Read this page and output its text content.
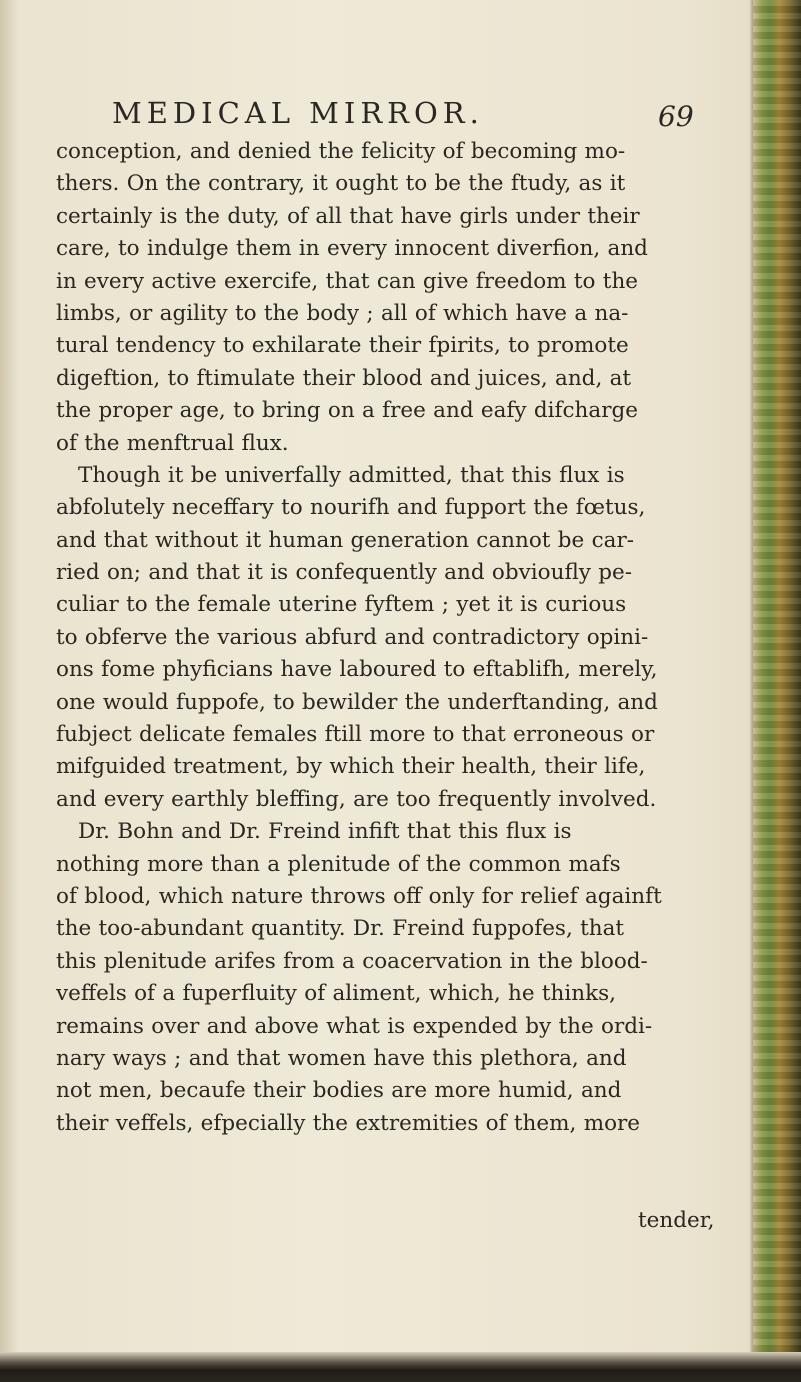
MEDICAL MIRROR.	69
conception, and denied the felicity of becoming mo-
thers. On the contrary, it ought to be the ftudy, as it
certainly is the duty, of all that have girls under their
care, to indulge them in every innocent diverfion, and
in every active exercife, that can give freedom to the
limbs, or agility to the body ; all of which have a na-
tural tendency to exhilarate their fpirits, to promote
digeftion, to ftimulate their blood and juices, and, at
the proper age, to bring on a free and eafy difcharge
of the menftrual flux.
Though it be univerfally admitted, that this flux is
abfolutely neceffary to nourifh and fupport the fœtus,
and that without it human generation cannot be car-
ried on; and that it is confequently and obvioufly pe-
culiar to the female uterine fyftem ; yet it is curious
to obferve the various abfurd and contradictory opini-
ons fome phyficians have laboured to eftablifh, merely,
one would fuppofe, to bewilder the underftanding, and
fubject delicate females ftill more to that erroneous or
mifguided treatment, by which their health, their life,
and every earthly bleffing, are too frequently involved.
Dr. Bohn and Dr. Freind infift that this flux is
nothing more than a plenitude of the common mafs
of blood, which nature throws off only for relief againft
the too-abundant quantity. Dr. Freind fuppofes, that
this plenitude arifes from a coacervation in the blood-
veffels of a fuperfluity of aliment, which, he thinks,
remains over and above what is expended by the ordi-
nary ways ; and that women have this plethora, and
not men, becaufe their bodies are more humid, and
their veffels, efpecially the extremities of them, more
tender,
